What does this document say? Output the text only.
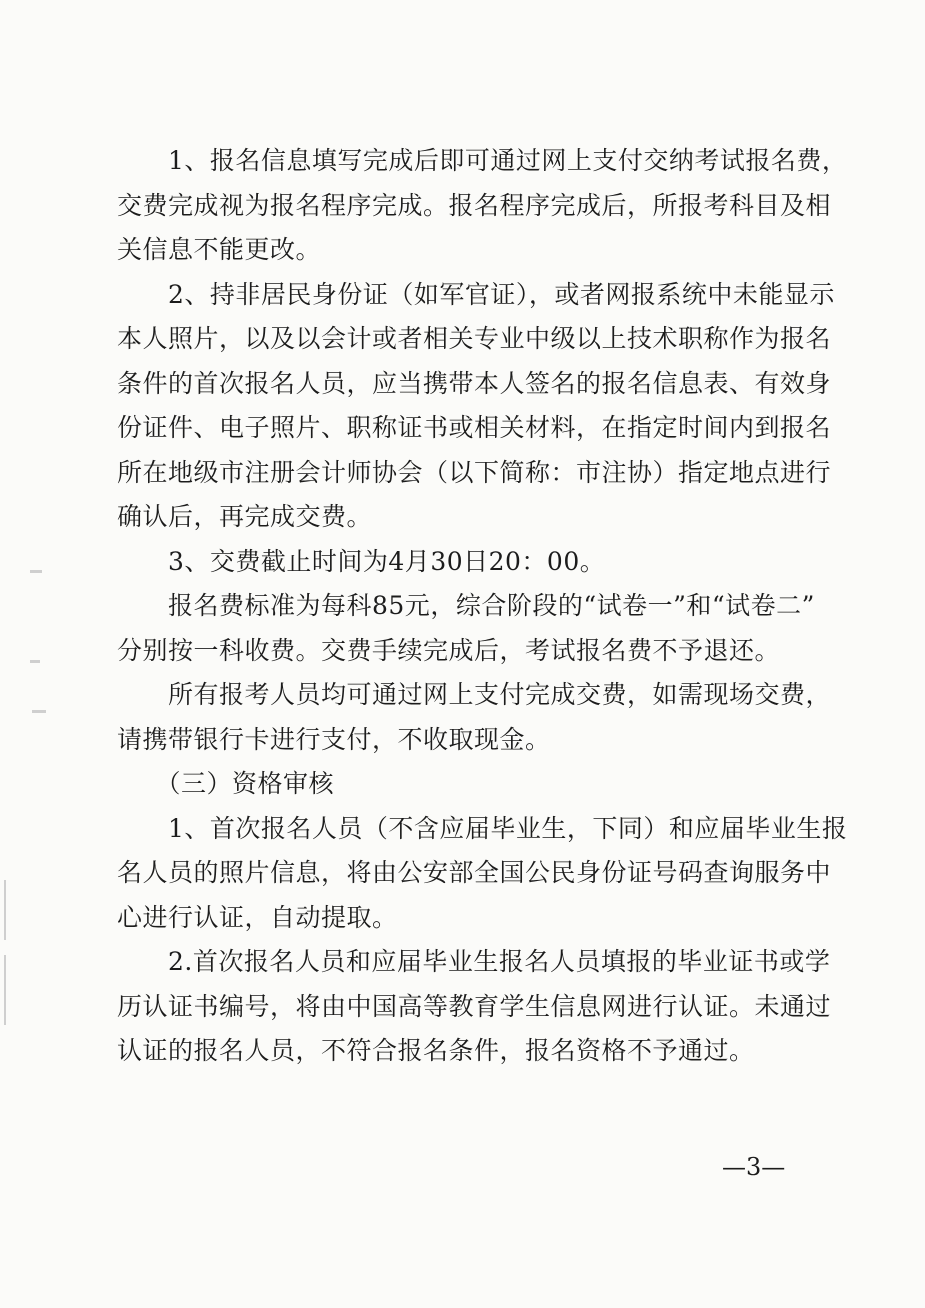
　　1、报名信息填写完成后即可通过网上支付交纳考试报名费，
交费完成视为报名程序完成。报名程序完成后，所报考科目及相
关信息不能更改。
　　2、持非居民身份证（如军官证），或者网报系统中未能显示
本人照片，以及以会计或者相关专业中级以上技术职称作为报名
条件的首次报名人员，应当携带本人签名的报名信息表、有效身
份证件、电子照片、职称证书或相关材料，在指定时间内到报名
所在地级市注册会计师协会（以下简称：市注协）指定地点进行
确认后，再完成交费。
　　3、交费截止时间为4月30日20：00。
　　报名费标准为每科85元，综合阶段的“试卷一”和“试卷二”
分别按一科收费。交费手续完成后，考试报名费不予退还。
　　所有报考人员均可通过网上支付完成交费，如需现场交费，
请携带银行卡进行支付，不收取现金。
　　（三）资格审核
　　1、首次报名人员（不含应届毕业生，下同）和应届毕业生报
名人员的照片信息，将由公安部全国公民身份证号码查询服务中
心进行认证，自动提取。
　　2.首次报名人员和应届毕业生报名人员填报的毕业证书或学
历认证书编号，将由中国高等教育学生信息网进行认证。未通过
认证的报名人员，不符合报名条件，报名资格不予通过。
—3—
